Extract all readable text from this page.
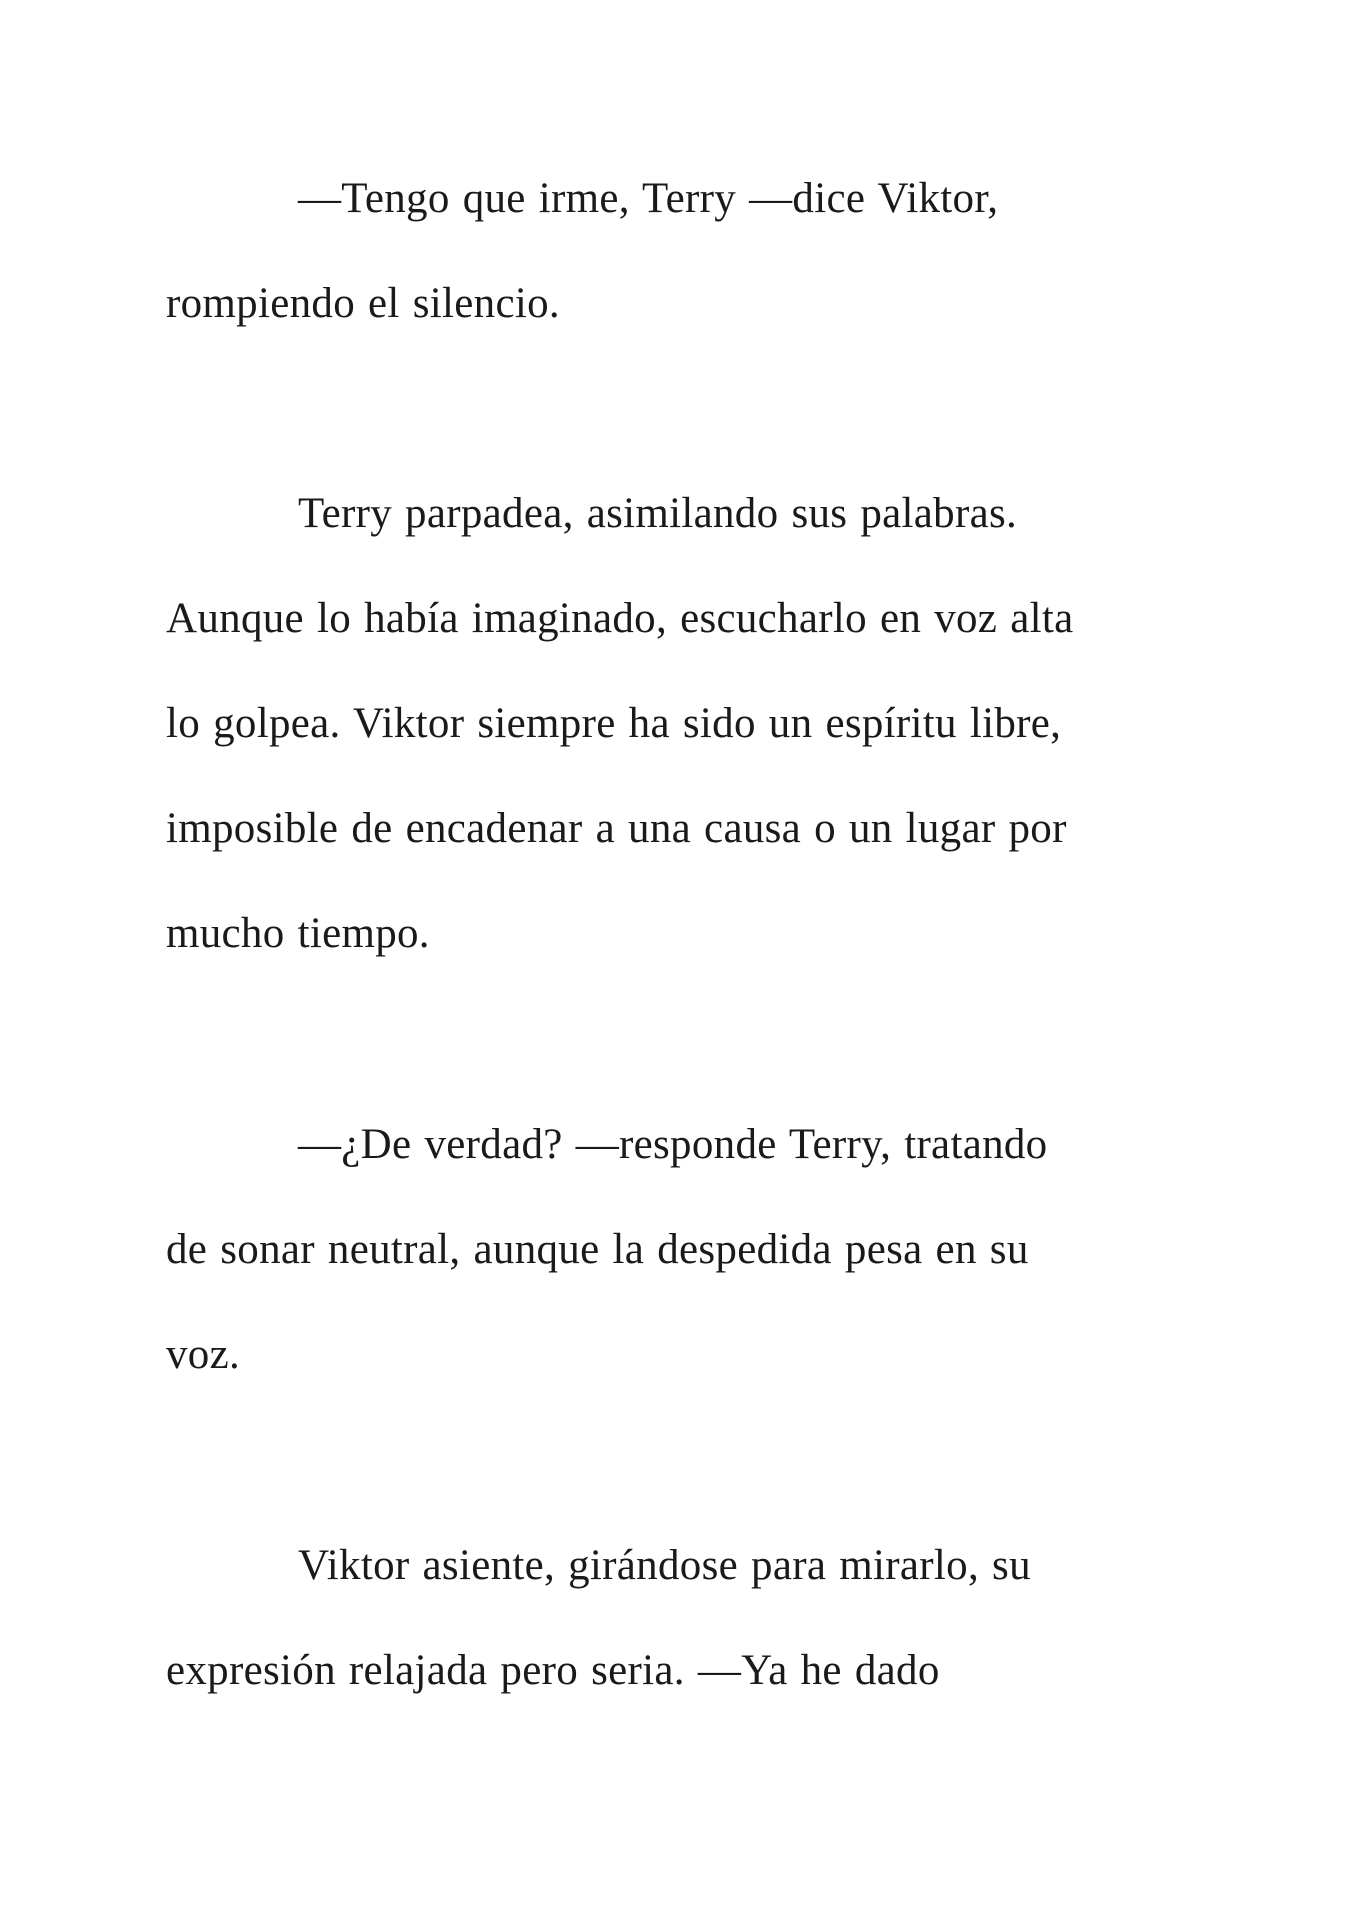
—Tengo que irme, Terry —dice Viktor,
rompiendo el silencio.

Terry parpadea, asimilando sus palabras.
Aunque lo había imaginado, escucharlo en voz alta
lo golpea. Viktor siempre ha sido un espíritu libre,
imposible de encadenar a una causa o un lugar por
mucho tiempo.

—¿De verdad? —responde Terry, tratando
de sonar neutral, aunque la despedida pesa en su
voz.

Viktor asiente, girándose para mirarlo, su
expresión relajada pero seria. —Ya he dado
